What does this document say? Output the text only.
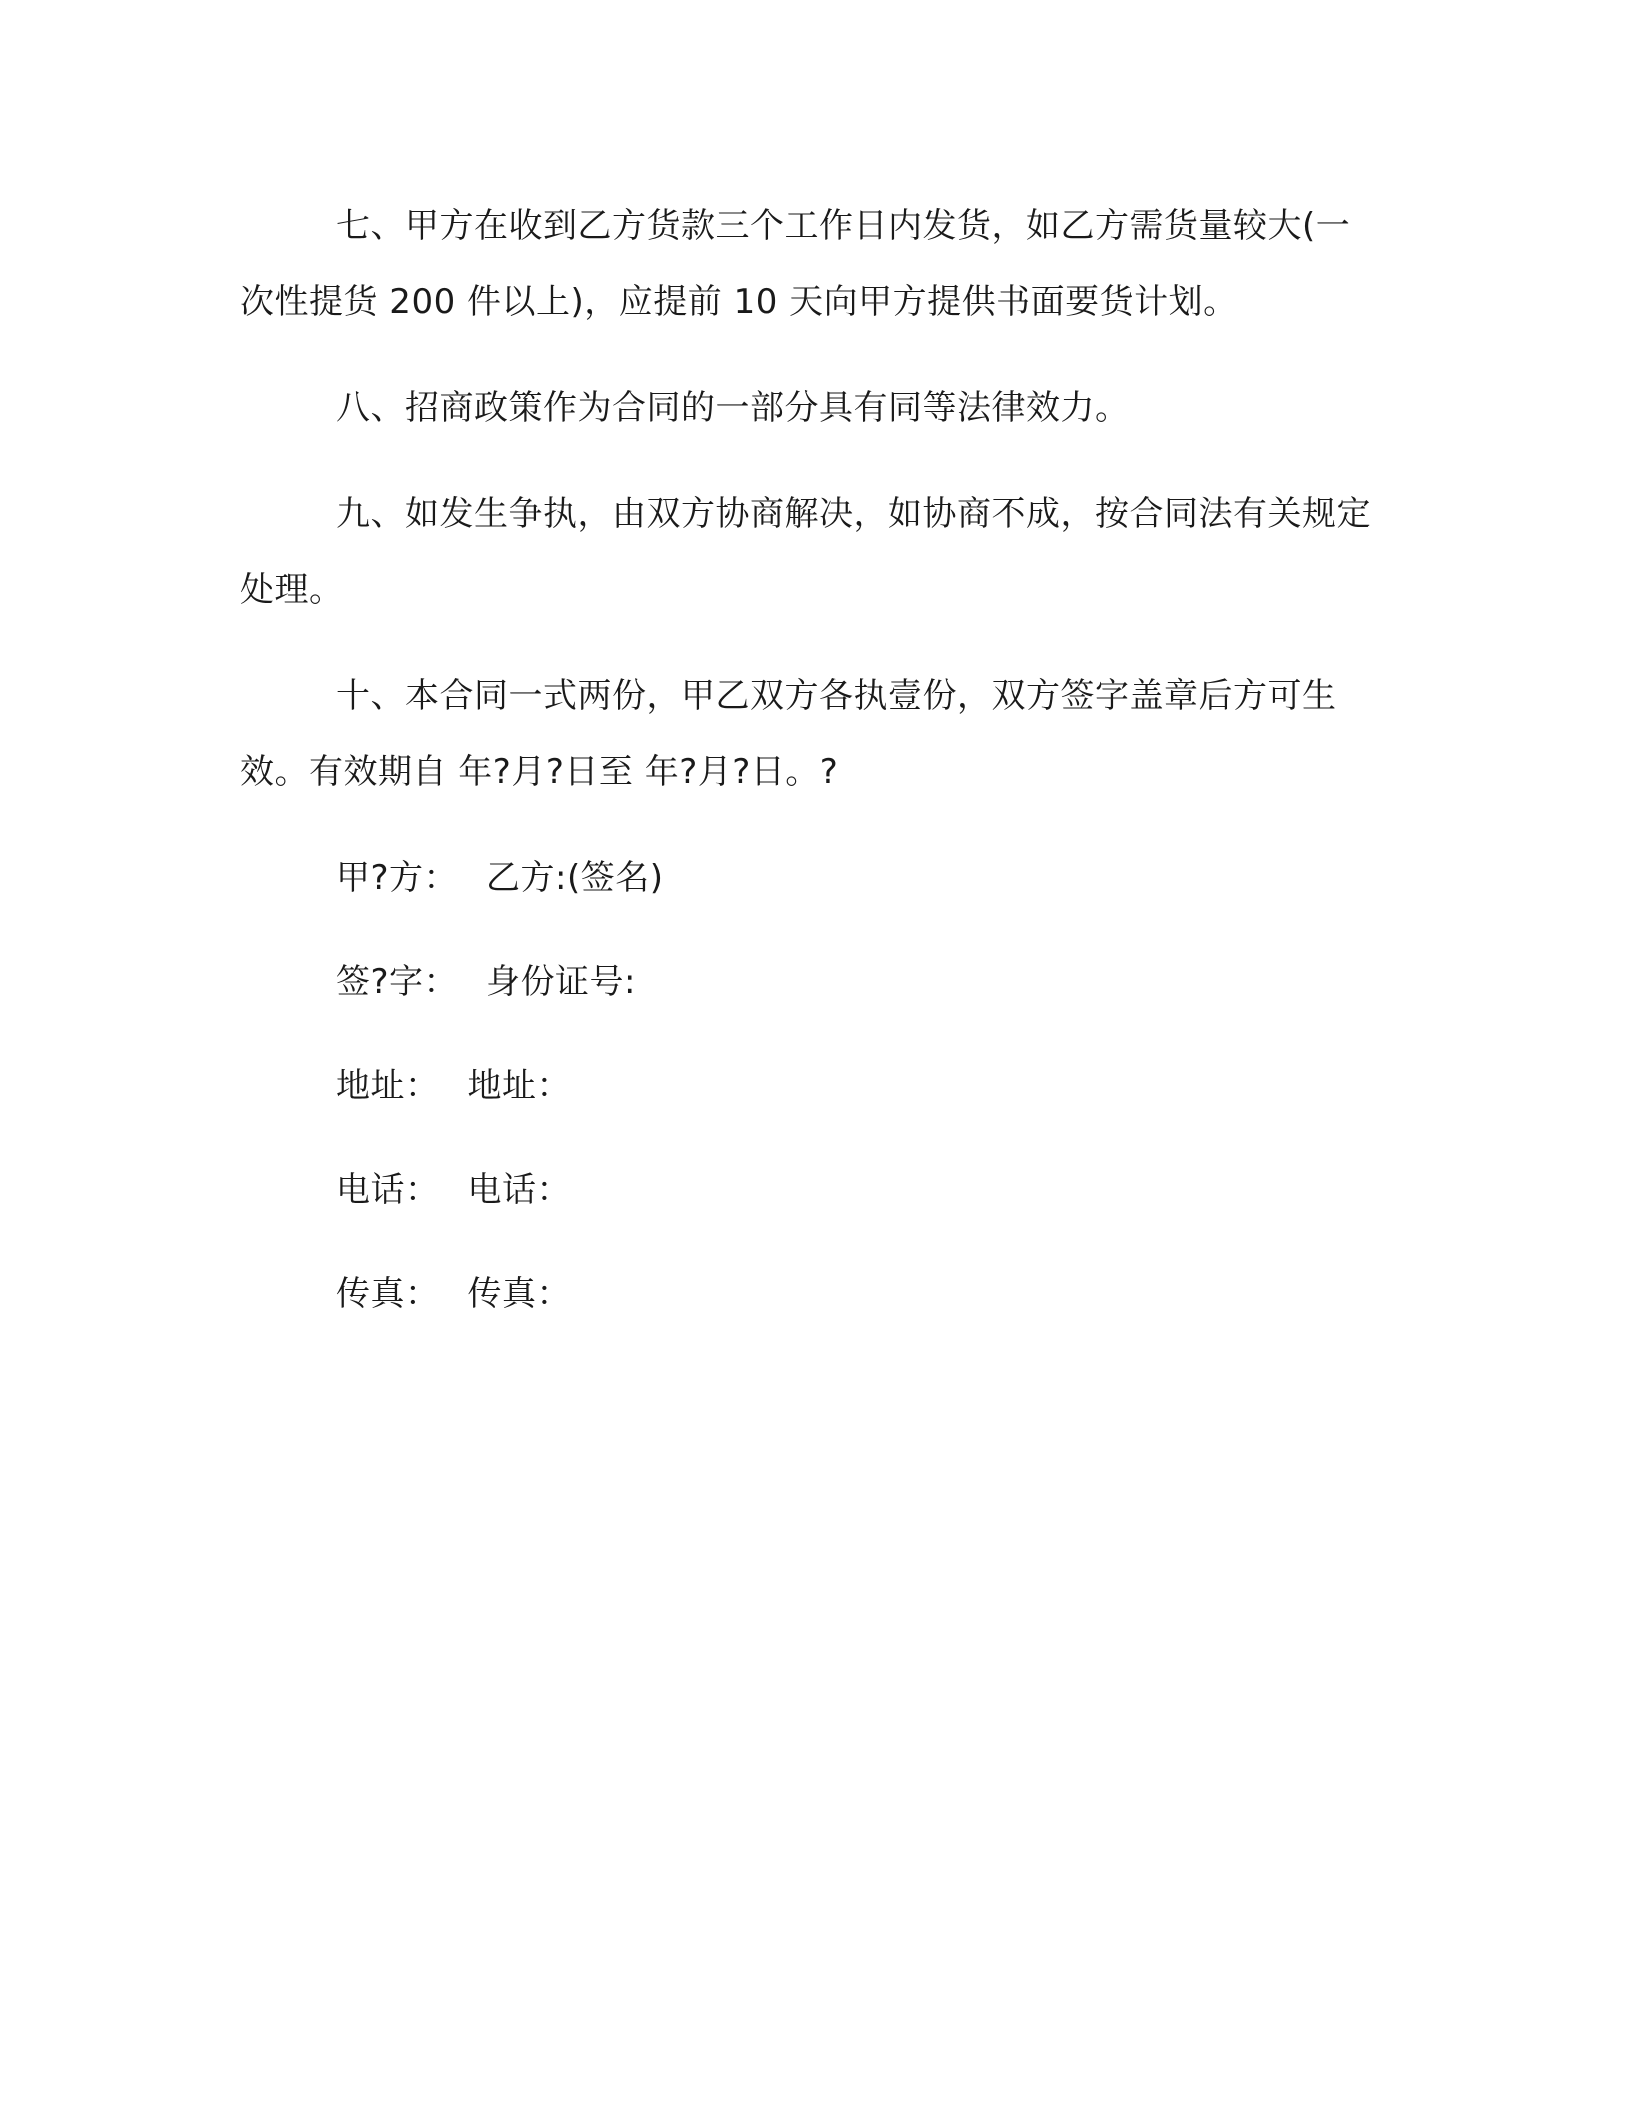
七、甲方在收到乙方货款三个工作日内发货，如乙方需货量较大(一次性提货 200 件以上)，应提前 10 天向甲方提供书面要货计划。

八、招商政策作为合同的一部分具有同等法律效力。

九、如发生争执，由双方协商解决，如协商不成，按合同法有关规定处理。

十、本合同一式两份，甲乙双方各执壹份，双方签字盖章后方可生效。有效期自 年?月?日至 年?月?日。?

甲?方： 乙方:(签名)
签?字： 身份证号:
地址： 地址：
电话： 电话：
传真： 传真：
